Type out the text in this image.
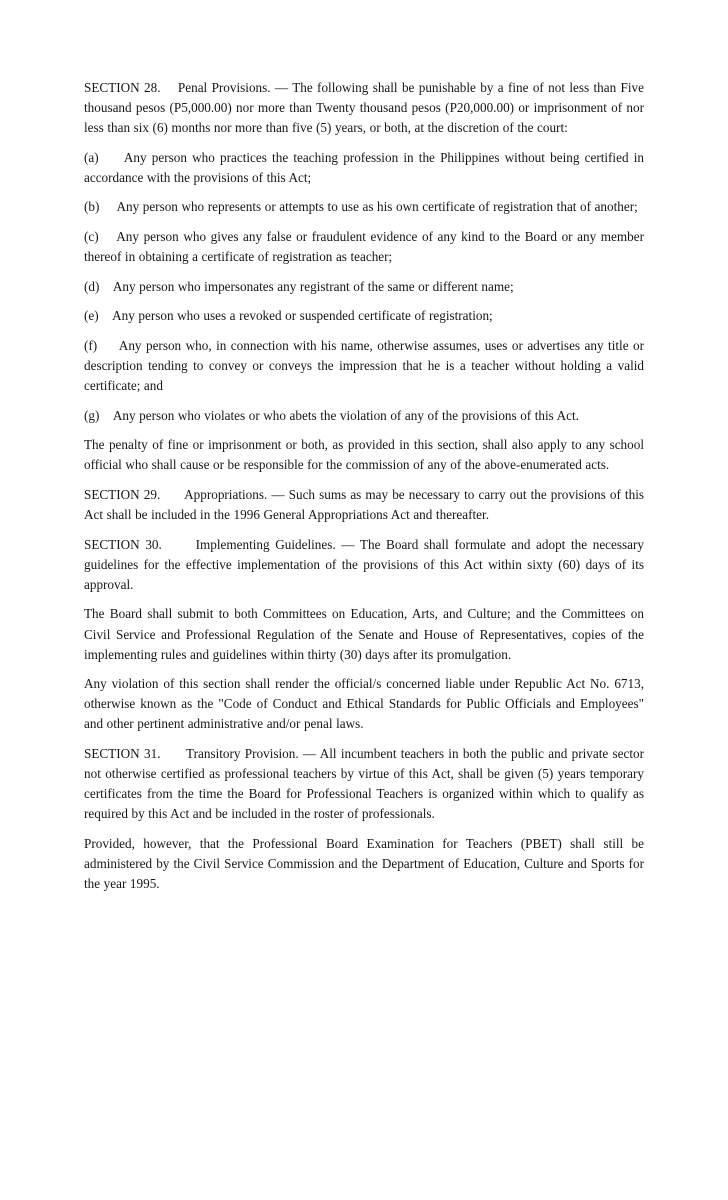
SECTION 28.    Penal Provisions. — The following shall be punishable by a fine of not less than Five thousand pesos (P5,000.00) nor more than Twenty thousand pesos (P20,000.00) or imprisonment of nor less than six (6) months nor more than five (5) years, or both, at the discretion of the court:

(a)     Any person who practices the teaching profession in the Philippines without being certified in accordance with the provisions of this Act;

(b)     Any person who represents or attempts to use as his own certificate of registration that of another;

(c)    Any person who gives any false or fraudulent evidence of any kind to the Board or any member thereof in obtaining a certificate of registration as teacher;

(d)    Any person who impersonates any registrant of the same or different name;

(e)    Any person who uses a revoked or suspended certificate of registration;

(f)     Any person who, in connection with his name, otherwise assumes, uses or advertises any title or description tending to convey or conveys the impression that he is a teacher without holding a valid certificate; and

(g)    Any person who violates or who abets the violation of any of the provisions of this Act.

The penalty of fine or imprisonment or both, as provided in this section, shall also apply to any school official who shall cause or be responsible for the commission of any of the above-enumerated acts.

SECTION 29.      Appropriations. — Such sums as may be necessary to carry out the provisions of this Act shall be included in the 1996 General Appropriations Act and thereafter.

SECTION 30.      Implementing Guidelines. — The Board shall formulate and adopt the necessary guidelines for the effective implementation of the provisions of this Act within sixty (60) days of its approval.

The Board shall submit to both Committees on Education, Arts, and Culture; and the Committees on Civil Service and Professional Regulation of the Senate and House of Representatives, copies of the implementing rules and guidelines within thirty (30) days after its promulgation.

Any violation of this section shall render the official/s concerned liable under Republic Act No. 6713, otherwise known as the "Code of Conduct and Ethical Standards for Public Officials and Employees" and other pertinent administrative and/or penal laws.

SECTION 31.      Transitory Provision. — All incumbent teachers in both the public and private sector not otherwise certified as professional teachers by virtue of this Act, shall be given (5) years temporary certificates from the time the Board for Professional Teachers is organized within which to qualify as required by this Act and be included in the roster of professionals.

Provided, however, that the Professional Board Examination for Teachers (PBET) shall still be administered by the Civil Service Commission and the Department of Education, Culture and Sports for the year 1995.
